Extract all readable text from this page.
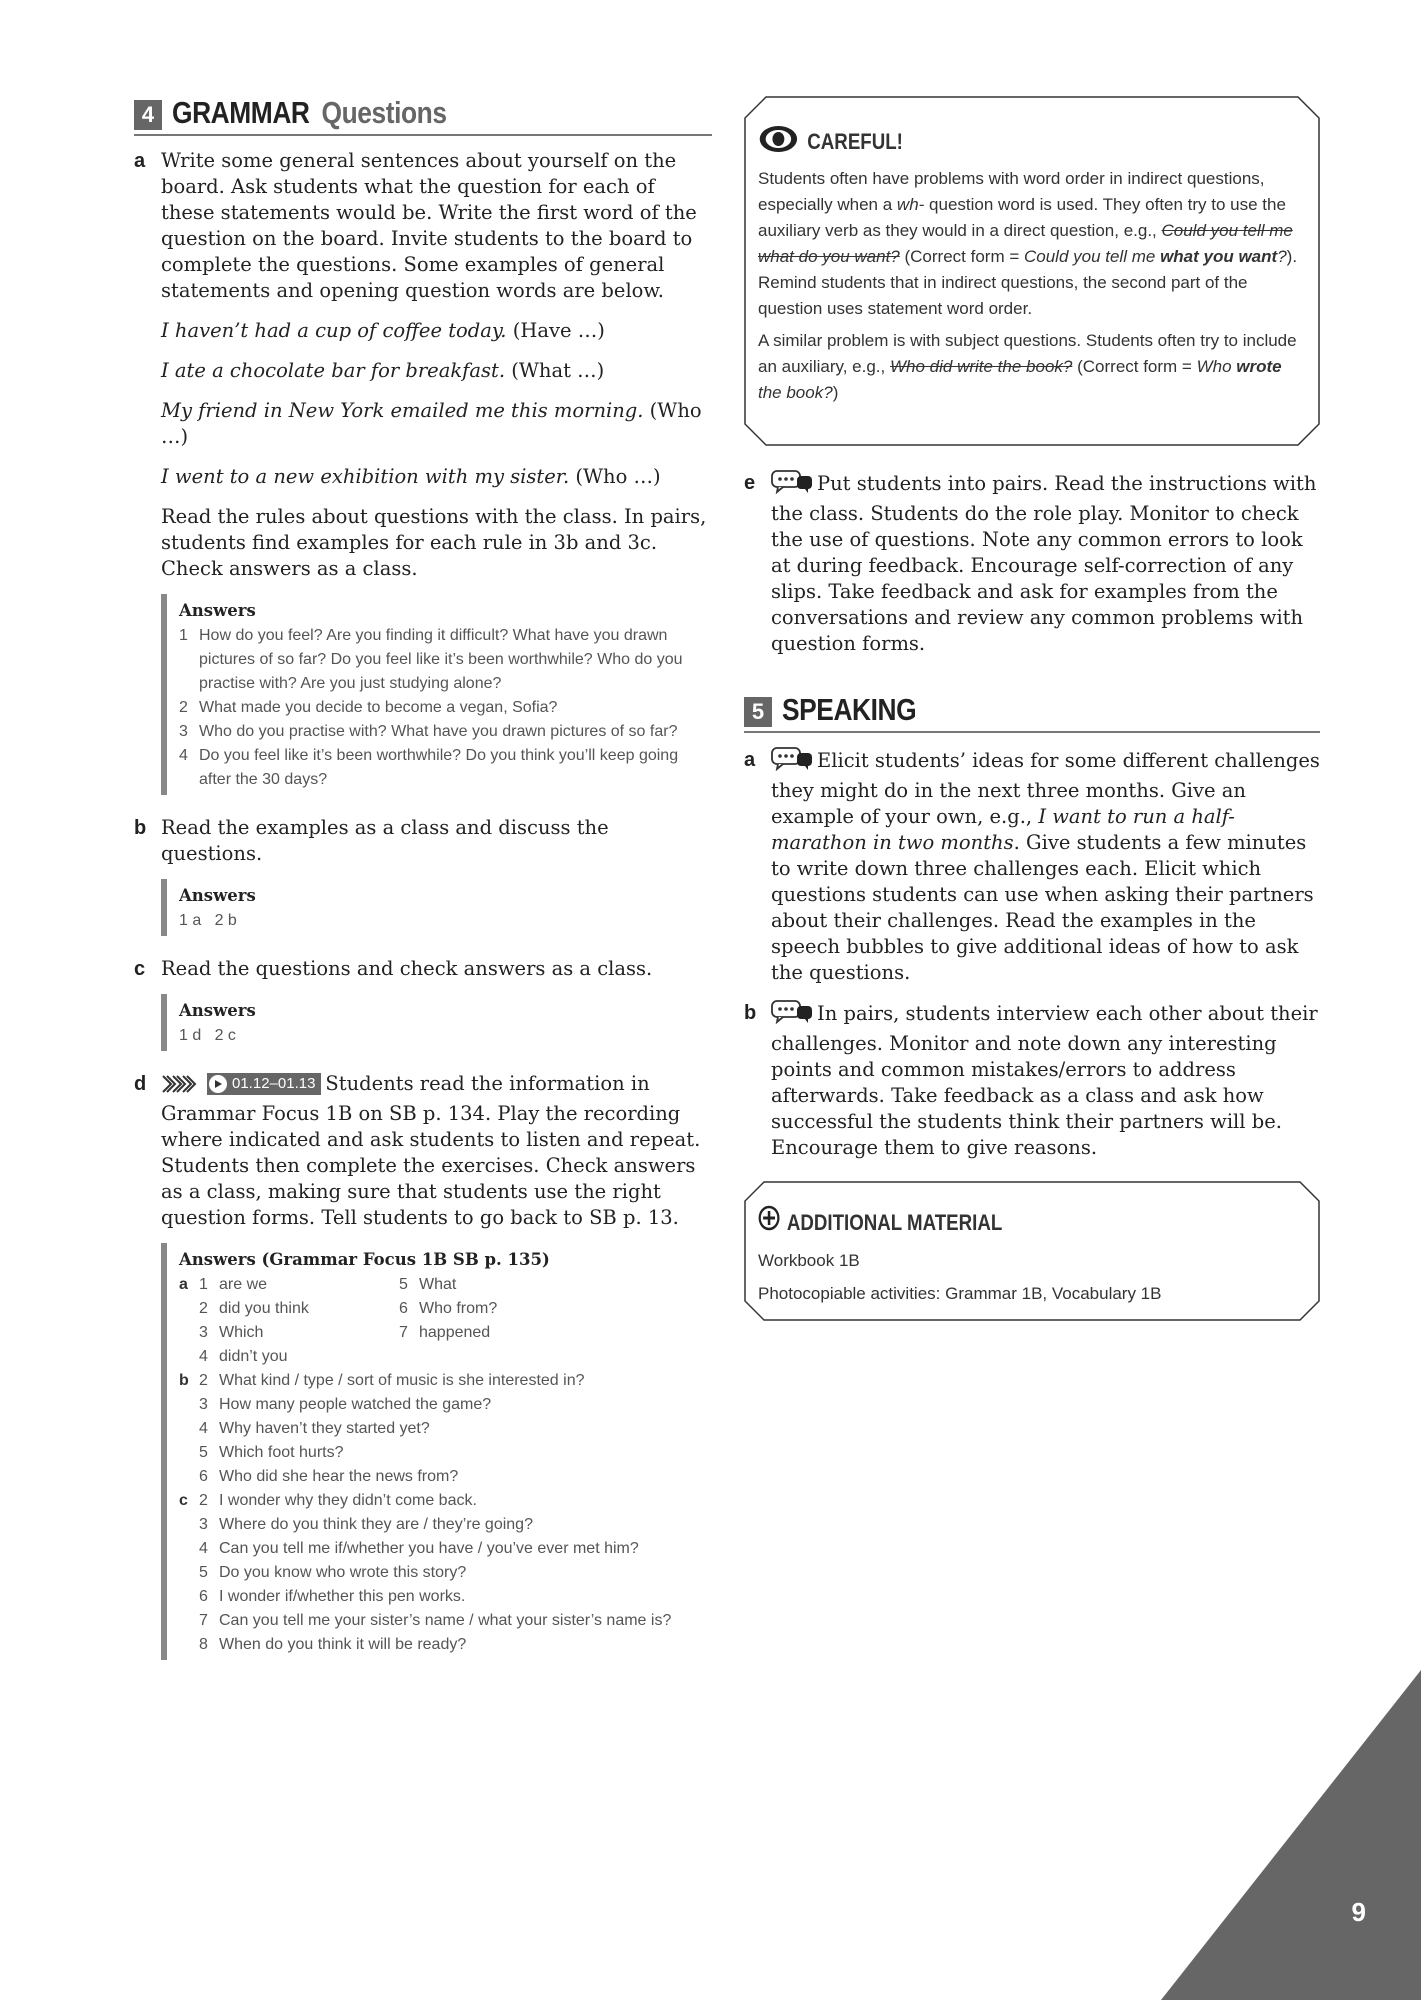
4 GRAMMAR Questions
a Write some general sentences about yourself on the board. Ask students what the question for each of these statements would be. Write the first word of the question on the board. Invite students to the board to complete the questions. Some examples of general statements and opening question words are below.

I haven’t had a cup of coffee today. (Have …)

I ate a chocolate bar for breakfast. (What …)

My friend in New York emailed me this morning. (Who …)

I went to a new exhibition with my sister. (Who …)

Read the rules about questions with the class. In pairs, students find examples for each rule in 3b and 3c. Check answers as a class.

Answers
1 How do you feel? Are you finding it difficult? What have you drawn pictures of so far? Do you feel like it’s been worthwhile? Who do you practise with? Are you just studying alone?
2 What made you decide to become a vegan, Sofia?
3 Who do you practise with? What have you drawn pictures of so far?
4 Do you feel like it’s been worthwhile? Do you think you’ll keep going after the 30 days?
b Read the examples as a class and discuss the questions.

Answers
1 a   2 b
c Read the questions and check answers as a class.

Answers
1 d   2 c
d	01.12–01.13 Students read the information in Grammar Focus 1B on SB p. 134. Play the recording where indicated and ask students to listen and repeat. Students then complete the exercises. Check answers as a class, making sure that students use the right question forms. Tell students to go back to SB p. 13.

Answers (Grammar Focus 1B SB p. 135)
a 1 are we	5 What
2 did you think	6 Who from?
3 Which	7 happened
4 didn’t you
b 2 What kind / type / sort of music is she interested in?
3 How many people watched the game?
4 Why haven’t they started yet?
5 Which foot hurts?
6 Who did she hear the news from?
c 2 I wonder why they didn’t come back.
3 Where do you think they are / they’re going?
4 Can you tell me if/whether you have / you’ve ever met him?
5 Do you know who wrote this story?
6 I wonder if/whether this pen works.
7 Can you tell me your sister’s name / what your sister’s name is?
8 When do you think it will be ready?
CAREFUL!

Students often have problems with word order in indirect questions, especially when a wh- question word is used. They often try to use the auxiliary verb as they would in a direct question, e.g., Could you tell me what do you want? (Correct form = Could you tell me what you want?). Remind students that in indirect questions, the second part of the question uses statement word order.

A similar problem is with subject questions. Students often try to include an auxiliary, e.g., Who did write the book? (Correct form = Who wrote the book?)

e	Put students into pairs. Read the instructions with the class. Students do the role play. Monitor to check the use of questions. Note any common errors to look at during feedback. Encourage self-correction of any slips. Take feedback and ask for examples from the conversations and review any common problems with question forms.

5 SPEAKING
a	Elicit students’ ideas for some different challenges they might do in the next three months. Give an example of your own, e.g., I want to run a half-marathon in two months. Give students a few minutes to write down three challenges each. Elicit which questions students can use when asking their partners about their challenges. Read the examples in the speech bubbles to give additional ideas of how to ask the questions.

b	In pairs, students interview each other about their challenges. Monitor and note down any interesting points and common mistakes/errors to address afterwards. Take feedback as a class and ask how successful the students think their partners will be. Encourage them to give reasons.

ADDITIONAL MATERIAL
Workbook 1B
Photocopiable activities: Grammar 1B, Vocabulary 1B
9
